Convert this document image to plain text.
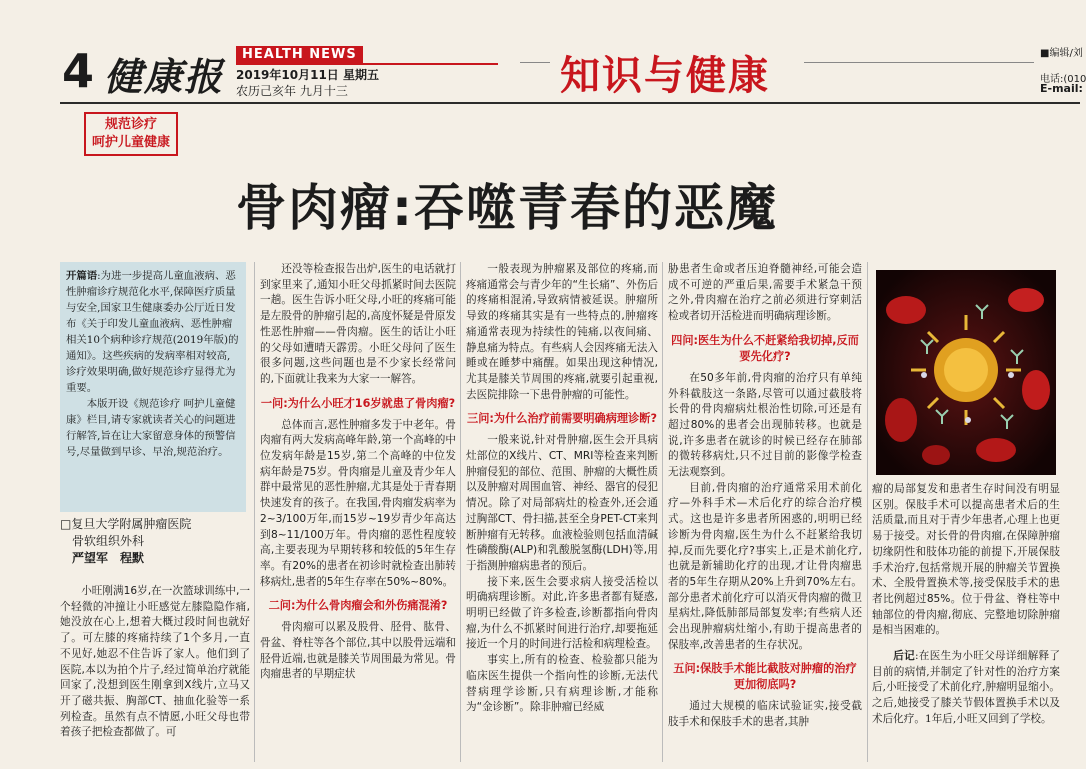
4 健康报	HEALTH NEWS
2019年10月11日 星期五
农历己亥年 九月十三	知识与健康	■编辑/刘
电话:(010
E-mail:
规范诊疗
呵护儿童健康
骨肉瘤:吞噬青春的恶魔
开篇语:为进一步提高儿童血液病、恶性肿瘤诊疗规范化水平,保障医疗质量与安全,国家卫生健康委办公厅近日发布《关于印发儿童血液病、恶性肿瘤相关10个病种诊疗规范(2019年版)的通知》。这些疾病的发病率相对较高,诊疗效果明确,做好规范诊疗显得尤为重要。
本版开设《规范诊疗 呵护儿童健康》栏目,请专家就读者关心的问题进行解答,旨在让大家留意身体的预警信号,尽量做到早诊、早治,规范治疗。
□复旦大学附属肿瘤医院
骨软组织外科
严望军　程默
小旺刚满16岁,在一次篮球训练中,一个轻微的冲撞让小旺感觉左膝隐隐作痛,她没放在心上,想着大概过段时间也就好了。可左膝的疼痛持续了1个多月,一直不见好,她忍不住告诉了家人。他们到了医院,本以为拍个片子,经过简单治疗就能回家了,没想到医生刚拿到X线片,立马又开了磁共振、胸部CT、抽血化验等一系列检查。虽然有点不情愿,小旺父母也带着孩子把检查都做了。可
还没等检查报告出炉,医生的电话就打到家里来了,通知小旺父母抓紧时间去医院一趟。医生告诉小旺父母,小旺的疼痛可能是左股骨的肿瘤引起的,高度怀疑是骨原发性恶性肿瘤——骨肉瘤。医生的话让小旺的父母如遭晴天霹雳。小旺父母问了医生很多问题,这些问题也是不少家长经常问的,下面就让我来为大家一一解答。
一问:为什么小旺才16岁就患了骨肉瘤?
总体而言,恶性肿瘤多发于中老年。骨肉瘤有两大发病高峰年龄,第一个高峰的中位发病年龄是15岁,第二个高峰的中位发病年龄是75岁。骨肉瘤是儿童及青少年人群中最常见的恶性肿瘤,尤其是处于青春期快速发育的孩子。在我国,骨肉瘤发病率为2~3/100万年,而15岁~19岁青少年高达到8~11/100万年。骨肉瘤的恶性程度较高,主要表现为早期转移和较低的5年生存率。有20%的患者在初诊时就检查出肺转移病灶,患者的5年生存率在50%~80%。
二问:为什么骨肉瘤会和外伤痛混淆?
骨肉瘤可以累及股骨、胫骨、肱骨、骨盆、脊柱等各个部位,其中以股骨远端和胫骨近端,也就是膝关节周围最为常见。骨肉瘤患者的早期症状
一般表现为肿瘤累及部位的疼痛,而疼痛通常会与青少年的“生长痛”、外伤后的疼痛相混淆,导致病情被延误。肿瘤所导致的疼痛其实是有一些特点的,肿瘤疼痛通常表现为持续性的钝痛,以夜间痛、静息痛为特点。有些病人会因疼痛无法入睡或在睡梦中痛醒。如果出现这种情况,尤其是膝关节周围的疼痛,就要引起重视,去医院排除一下患骨肿瘤的可能性。
三问:为什么治疗前需要明确病理诊断?
一般来说,针对骨肿瘤,医生会开具病灶部位的X线片、CT、MRI等检查来判断肿瘤侵犯的部位、范围、肿瘤的大概性质以及肿瘤对周围血管、神经、器官的侵犯情况。除了对局部病灶的检查外,还会通过胸部CT、骨扫描,甚至全身PET-CT来判断肿瘤有无转移。血液检验则包括血清碱性磷酸酶(ALP)和乳酸脱氢酶(LDH)等,用于指测肿瘤病患者的预后。
接下来,医生会要求病人接受活检以明确病理诊断。对此,许多患者都有疑惑,明明已经做了许多检查,诊断都指向骨肉瘤,为什么不抓紧时间进行治疗,却要拖延接近一个月的时间进行活检和病理检查。
事实上,所有的检查、检验都只能为临床医生提供一个指向性的诊断,无法代替病理学诊断,只有病理诊断,才能称为“金诊断”。除非肿瘤已经威
胁患者生命或者压迫脊髓神经,可能会造成不可逆的严重后果,需要手术紧急干预之外,骨肉瘤在治疗之前必须进行穿刺活检或者切开活检进而明确病理诊断。
四问:医生为什么不赶紧给我切掉,反而要先化疗?
在50多年前,骨肉瘤的治疗只有单纯外科截肢这一条路,尽管可以通过截肢将长骨的骨肉瘤病灶根治性切除,可还是有超过80%的患者会出现肺转移。也就是说,许多患者在就诊的时候已经存在肺部的微转移病灶,只不过目前的影像学检查无法观察到。
目前,骨肉瘤的治疗通常采用术前化疗—外科手术—术后化疗的综合治疗模式。这也是许多患者所困惑的,明明已经诊断为骨肉瘤,医生为什么不赶紧给我切掉,反而先要化疗?事实上,正是术前化疗,也就是新辅助化疗的出现,才让骨肉瘤患者的5年生存期从20%上升到70%左右。部分患者术前化疗可以消灭骨肉瘤的微卫星病灶,降低肺部局部复发率;有些病人还会出现肿瘤病灶缩小,有助于提高患者的保肢率,改善患者的生存状况。
五问:保肢手术能比截肢对肿瘤的治疗更加彻底吗?
通过大规模的临床试验证实,接受截肢手术和保肢手术的患者,其肿
瘤的局部复发和患者生存时间没有明显区别。保肢手术可以提高患者术后的生活质量,而且对于青少年患者,心理上也更易于接受。对长骨的骨肉瘤,在保障肿瘤切缘阴性和肢体功能的前提下,开展保肢手术治疗,包括常规开展的肿瘤关节置换术、全股骨置换术等,接受保肢手术的患者比例超过85%。位于骨盆、脊柱等中轴部位的骨肉瘤,彻底、完整地切除肿瘤是相当困难的。
后记:在医生为小旺父母详细解释了目前的病情,并制定了针对性的治疗方案后,小旺接受了术前化疗,肿瘤明显缩小。之后,她接受了膝关节假体置换手术以及术后化疗。1年后,小旺又回到了学校。
